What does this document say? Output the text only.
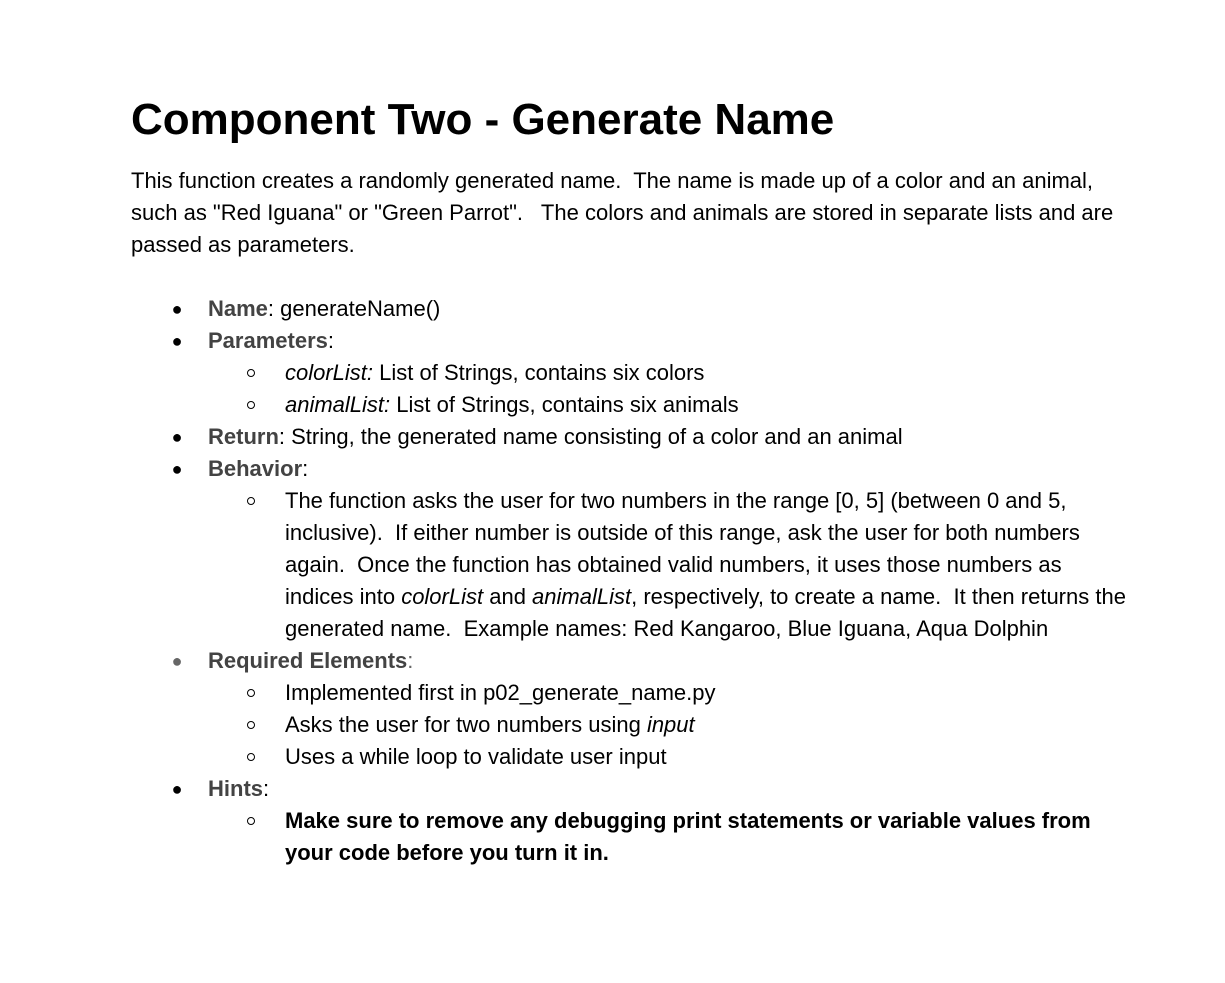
Component Two - Generate Name

This function creates a randomly generated name.  The name is made up of a color and an animal, such as "Red Iguana" or "Green Parrot".   The colors and animals are stored in separate lists and are passed as parameters.

● Name: generateName()
● Parameters:
colorList: List of Strings, contains six colors
animalList: List of Strings, contains six animals
● Return: String, the generated name consisting of a color and an animal
● Behavior:
The function asks the user for two numbers in the range [0, 5] (between 0 and 5, inclusive).  If either number is outside of this range, ask the user for both numbers again.  Once the function has obtained valid numbers, it uses those numbers as indices into colorList and animalList, respectively, to create a name.  It then returns the generated name.  Example names: Red Kangaroo, Blue Iguana, Aqua Dolphin
● Required Elements:
Implemented first in p02_generate_name.py
Asks the user for two numbers using input
Uses a while loop to validate user input
● Hints:
Make sure to remove any debugging print statements or variable values from your code before you turn it in.
